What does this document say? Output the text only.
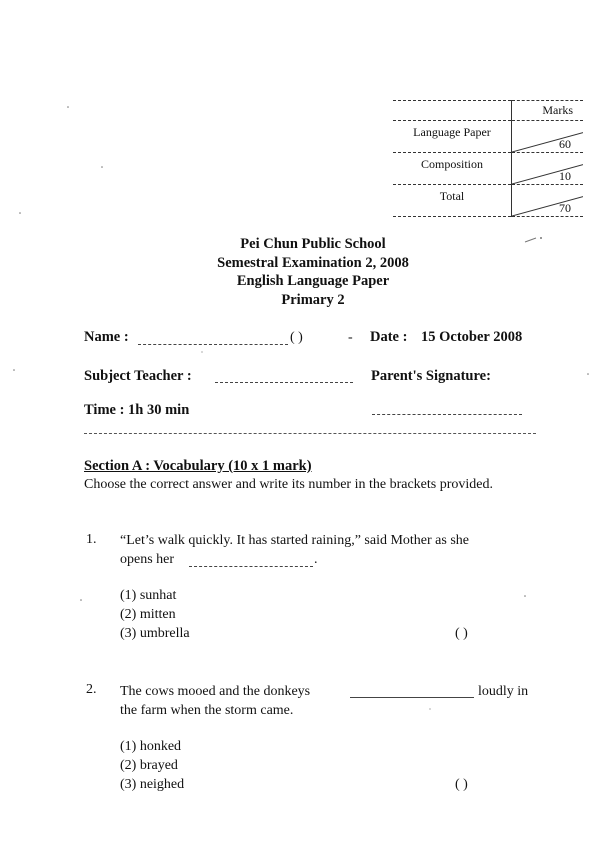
	Marks

Language Paper	60

Composition	10

Total	70
Pei Chun Public School
Semestral Examination 2, 2008
English Language Paper
Primary 2
Name :	( )	- Date : 15 October 2008
Subject Teacher :	Parent's Signature:
Time : 1h 30 min
Section A : Vocabulary (10 x 1 mark)
Choose the correct answer and write its number in the brackets provided.
1. “Let’s walk quickly. It has started raining,” said Mother as she
opens her	.
(1) sunhat
(2) mitten
(3) umbrella	( )
2. The cows mooed and the donkeys	loudly in
the farm when the storm came.
(1) honked
(2) brayed
(3) neighed	( )
